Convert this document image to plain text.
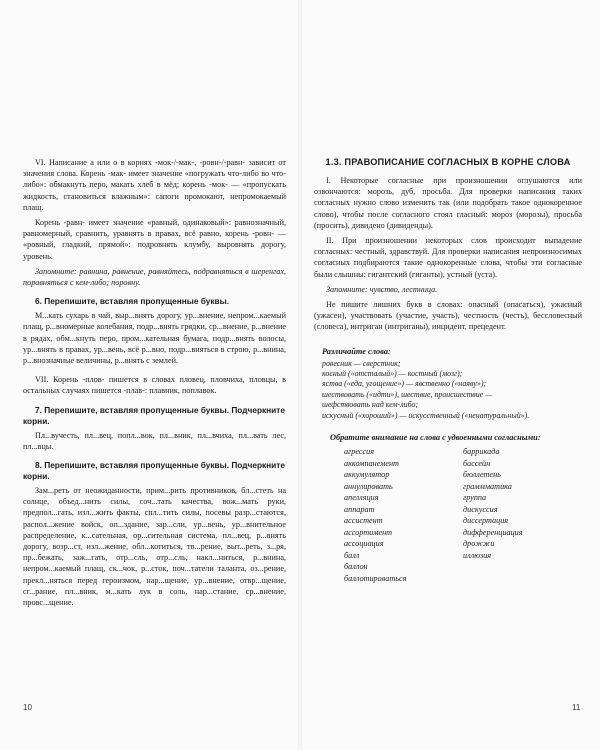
VI. Написание а или о в корнях -мок-/-мак-, -ровн-/-равн- зависит от значения слова. Корень -мак- имеет значение «погружать что-либо во что-либо»: обмакнуть перо, макать хлеб в мёд; корень -мок- — «пропускать жидкость, становиться влажным»: сапоги промокают, непромокаемый плащ.

Корень -равн- имеет значение «равный, одинаковый»: равнозначный, равномерный, сравнить, уравнять в правах, всё равно, корень -ровн- — «ровный, гладкий, прямой»: подровнять клумбу, выровнять дорогу, уровень.

Запомните: равнина, равнение, равняйтесь, подравняться в шеренгах, поравняться с кем-либо; поровну.

6. Перепишите, вставляя пропущенные буквы.

М...кать сухарь в чай, выр...внять дорогу, ур...внение, непром...каемый плащ, р...вномерные колебания, подр...внять грядки, ср...внение, р...внение в рядах, обм...кнуть перо, пром...кательная бумага, подр...внять волосы, ур...внять в правах, ур...вень, всё р...вно, подр...вняться в строю, р...внина, р...внозначные величины, р...внять с землей.

VII. Корень -плов- пишется в словах пловец, пловчиха, пловцы, в остальных случаях пишется -плав-: плавник, поплавок.

7. Перепишите, вставляя пропущенные буквы. Подчеркните корни.

Пл...вучесть, пл...вец, попл...вок, пл...вник, пл...вчиха, пл...вать лес, пл...вцы.

8. Перепишите, вставляя пропущенные буквы. Подчеркните корни.

Зам...реть от неожиданности, прим...рить противников, бл...стеть на солнце, объед...нить силы, соч...тать качества, вож...мать руки, предпол...гать, изл...жить факты, спл...тить силы, посевы разр...стаются, распол...жение войск, оп...здание, зар...сли, ур...вень, ур...внительное распределение, к...сательная, ор...сительная система, пл...вец, р...внять дорогу, возр...ст, изл...жение, обл...котиться, тв...рение, выт...реть, з...ря, пр...бежать, заж...гать, отр...сль, отр...сль, накл...ниться, р...внина, непром...каемый плащ, ск...чок, р...сток, поч...татели таланта, оз...рение, прекл...няться перед героизмом, нар...щение, ур...внение, отвр...щение, сг...рание, пл...вник, м...кать лук в соль, нар...стание, ср...внение, провс...щение.

1.3. ПРАВОПИСАНИЕ СОГЛАСНЫХ В КОРНЕ СЛОВА

I. Некоторые согласные при произношении оглушаются или озвончаются: морозь, дуб, просьба. Для проверки написания таких согласных нужно слово изменить так (или подобрать такое однокоренное слово), чтобы после согласного стоял гласный: мороз (морозы), просьба (просить), дивидено (дивиденды).

II. При произношении некоторых слов происходит выпадение согласных: честный, здравствуй. Для проверки написания непроизносимых согласных подбираются такие однокоренные слова, чтобы эти согласные были слышны: гигантский (гиганты), устный (уста).

Запомните: чувство, лестница.

Не пишите лишних букв в словах: опасный (опасаться), ужасный (ужасен), участвовать (участие, участь), честность (честь), бессловесный (словеса), интриган (интриганы), инцидент, прецедент.

Различайте слова:
ровесник — сверстник;
косный («отсталый») — костный (мозг);
яства («еда, угощение») — явственно («наяву»);
шествовать («идти»), шествие, происшествие —
шефствовать над кем-либо;
искусный («хороший») — искусственный («ненатуральный»).
Обратите внимание на слова с удвоенными согласными:
агрессия
аккомпанемент
аккумулятор
аннулировать
апелляция
аппарат
ассистент
ассортимент
ассоциация
балл
баллон
баллотироваться
баррикада
бассейн
бюллетень
граммматика
группа
дискуссия
диссертация
дифференциация
дрожжи
иллюзия
10	11
